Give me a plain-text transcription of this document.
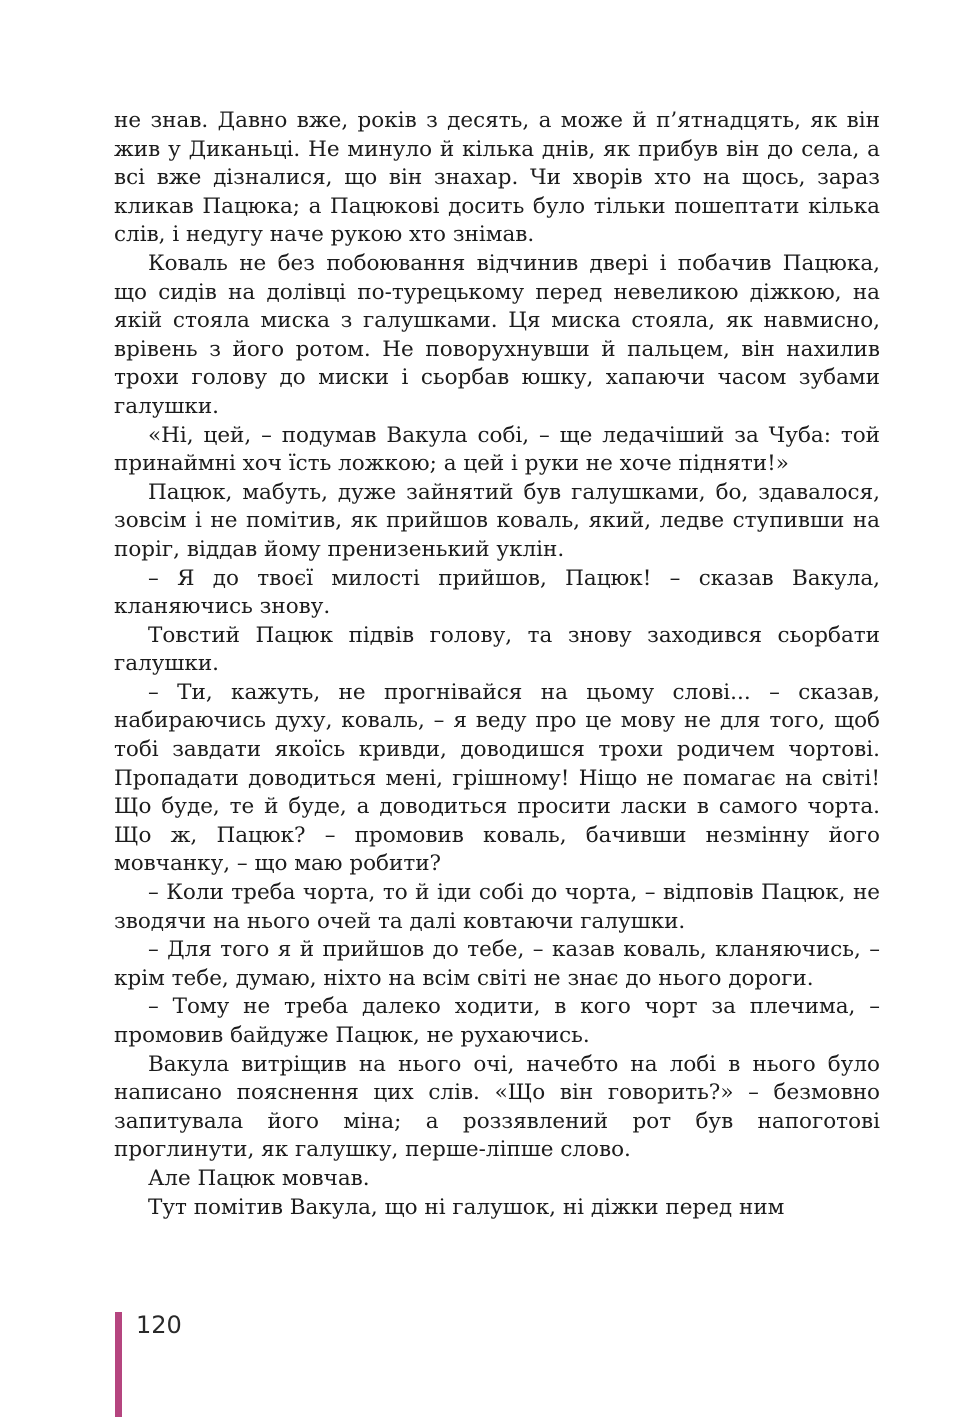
не знав. Давно вже, років з десять, а може й п’ятнадцять, як він жив у Диканьці. Не минуло й кілька днів, як прибув він до села, а всі вже дізналися, що він знахар. Чи хворів хто на щось, зараз кликав Пацюка; а Пацюкові досить було тільки пошептати кілька слів, і недугу наче рукою хто знімав.

Коваль не без побоювання відчинив двері і побачив Пацюка, що сидів на долівці по-турецькому перед невеликою діжкою, на якій стояла миска з галушками. Ця миска стояла, як навмисно, врівень з його ротом. Не поворухнувши й пальцем, він нахилив трохи голову до миски і сьорбав юшку, хапаючи часом зубами галушки.

«Ні, цей, – подумав Вакула собі, – ще ледачіший за Чуба: той принаймні хоч їсть ложкою; а цей і руки не хоче підняти!»

Пацюк, мабуть, дуже зайнятий був галушками, бо, здавалося, зовсім і не помітив, як прийшов коваль, який, ледве ступивши на поріг, віддав йому пренизенький уклін.

– Я до твоєї милості прийшов, Пацюк! – сказав Вакула, кланяючись знову.

Товстий Пацюк підвів голову, та знову заходився сьорбати галушки.

– Ти, кажуть, не прогнівайся на цьому слові... – сказав, набираючись духу, коваль, – я веду про це мову не для того, щоб тобі завдати якоїсь кривди, доводишся трохи родичем чортові. Пропадати доводиться мені, грішному! Ніщо не помагає на світі! Що буде, те й буде, а доводиться просити ласки в самого чорта. Що ж, Пацюк? – промовив коваль, бачивши незмінну його мовчанку, – що маю робити?

– Коли треба чорта, то й іди собі до чорта, – відповів Пацюк, не зводячи на нього очей та далі ковтаючи галушки.

– Для того я й прийшов до тебе, – казав коваль, кланяючись, – крім тебе, думаю, ніхто на всім світі не знає до нього дороги.

– Тому не треба далеко ходити, в кого чорт за плечима, – промовив байдуже Пацюк, не рухаючись.

Вакула витріщив на нього очі, начебто на лобі в нього було написано пояснення цих слів. «Що він говорить?» – безмовно запитувала його міна; а роззявлений рот був напоготові проглинути, як галушку, перше-ліпше слово.

Але Пацюк мовчав.

Тут помітив Вакула, що ні галушок, ні діжки перед ним

120
